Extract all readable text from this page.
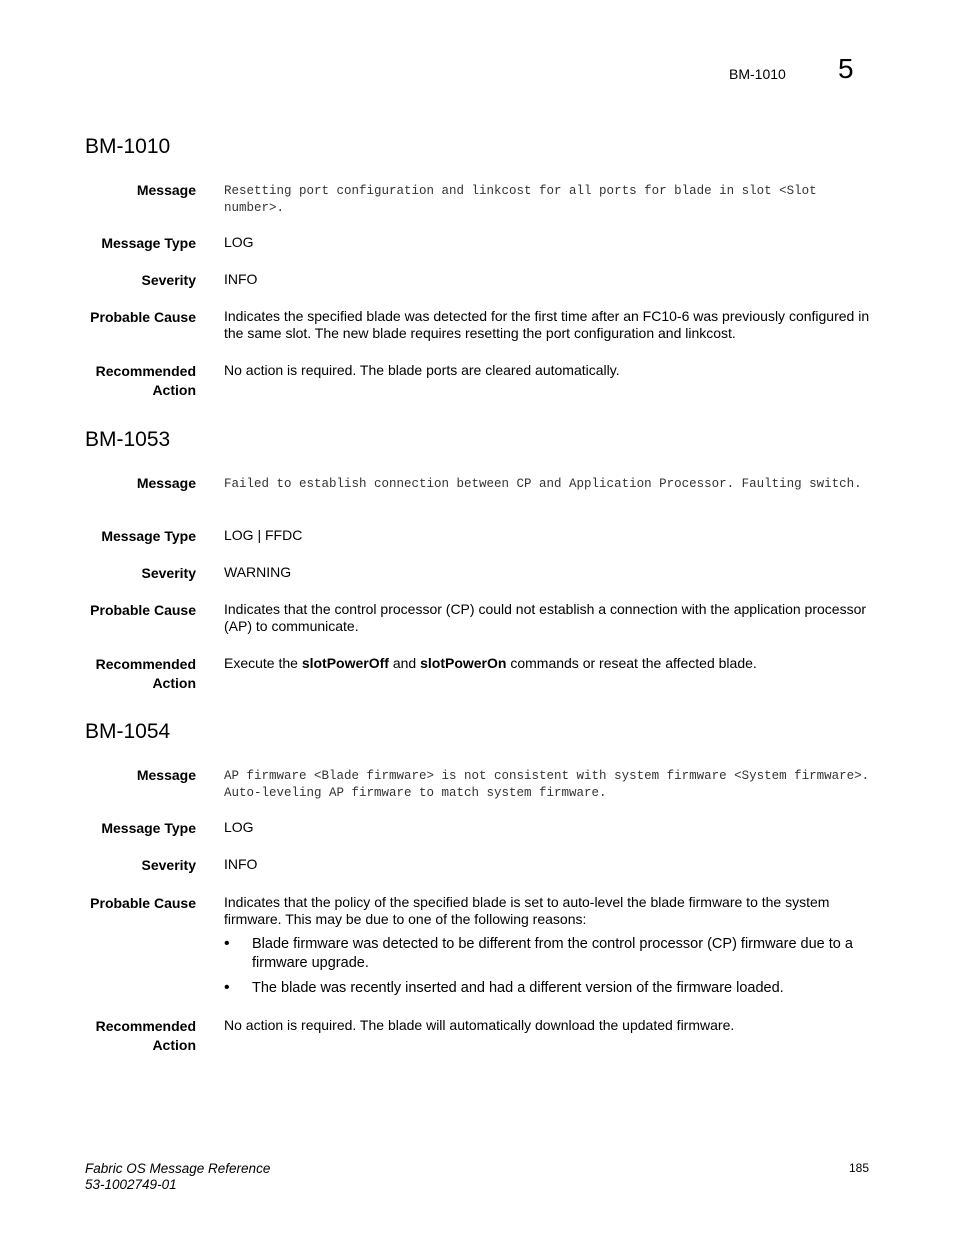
BM-1010 5
BM-1010
Message Resetting port configuration and linkcost for all ports for blade in slot <Slot number>.
Message Type LOG
Severity INFO
Probable Cause Indicates the specified blade was detected for the first time after an FC10-6 was previously configured in the same slot. The new blade requires resetting the port configuration and linkcost.
Recommended
Action
No action is required. The blade ports are cleared automatically.
BM-1053
Message Failed to establish connection between CP and Application Processor. Faulting switch.
Message Type LOG | FFDC
Severity WARNING
Probable Cause Indicates that the control processor (CP) could not establish a connection with the application processor (AP) to communicate.
Recommended
Action
Execute the slotPowerOff and slotPowerOn commands or reseat the affected blade.
BM-1054
Message AP firmware <Blade firmware> is not consistent with system firmware <System firmware>. Auto-leveling AP firmware to match system firmware.
Message Type LOG
Severity INFO
Probable Cause Indicates that the policy of the specified blade is set to auto-level the blade firmware to the system firmware. This may be due to one of the following reasons:
• Blade firmware was detected to be different from the control processor (CP) firmware due to a firmware upgrade.
• The blade was recently inserted and had a different version of the firmware loaded.
Recommended
Action
No action is required. The blade will automatically download the updated firmware.
Fabric OS Message Reference
53-1002749-01
185
